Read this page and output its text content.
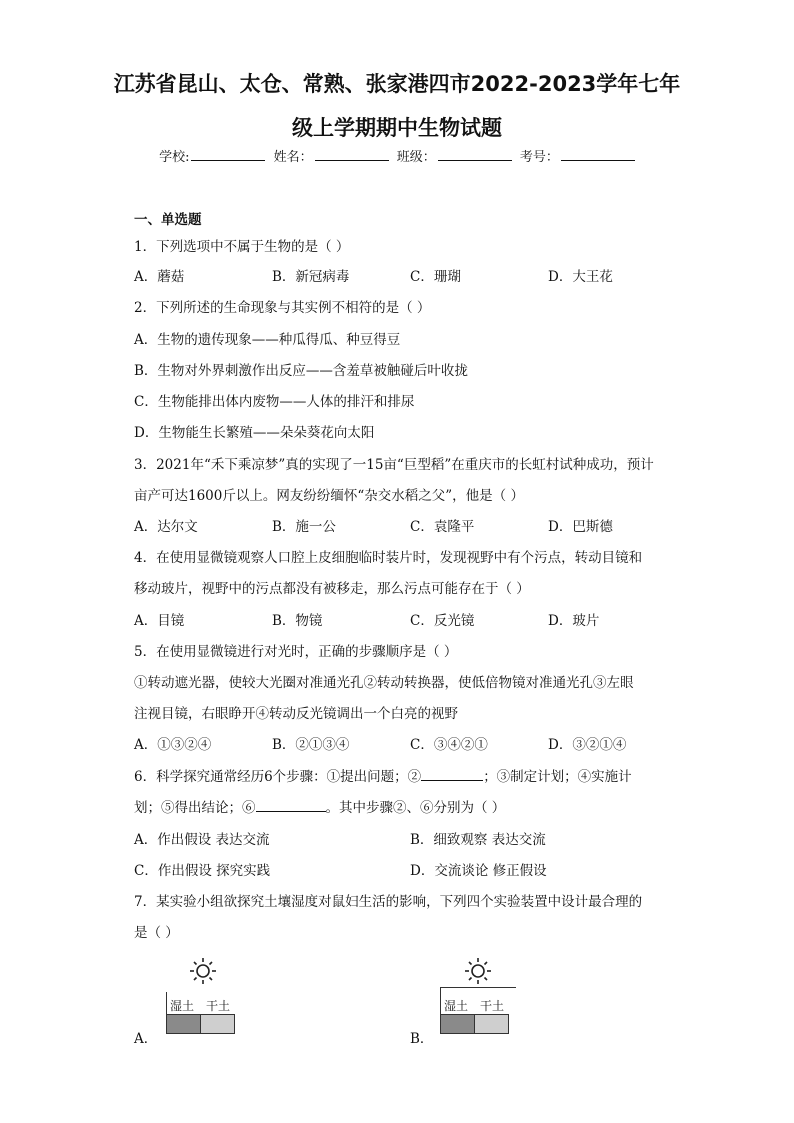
江苏省昆山、太仓、常熟、张家港四市2022-2023学年七年
级上学期期中生物试题
学校:	姓名：	班级：	考号：
一、单选题
1．下列选项中不属于生物的是（ ）
A．蘑菇	B．新冠病毒	C．珊瑚	D．大王花
2．下列所述的生命现象与其实例不相符的是（ ）
A．生物的遗传现象——种瓜得瓜、种豆得豆
B．生物对外界刺激作出反应——含羞草被触碰后叶收拢
C．生物能排出体内废物——人体的排汗和排尿
D．生物能生长繁殖——朵朵葵花向太阳
3．2021年“禾下乘凉梦”真的实现了一15亩“巨型稻”在重庆市的长虹村试种成功，预计
亩产可达1600斤以上。网友纷纷缅怀“杂交水稻之父”，他是（ ）
A．达尔文	B．施一公	C．袁隆平	D．巴斯德
4．在使用显微镜观察人口腔上皮细胞临时装片时，发现视野中有个污点，转动目镜和
移动玻片，视野中的污点都没有被移走，那么污点可能存在于（ ）
A．目镜	B．物镜	C．反光镜	D．玻片
5．在使用显微镜进行对光时，正确的步骤顺序是（ ）
①转动遮光器，使较大光圈对准通光孔②转动转换器，使低倍物镜对准通光孔③左眼
注视目镜，右眼睁开④转动反光镜调出一个白亮的视野
A．①③②④	B．②①③④	C．③④②①	D．③②①④
6．科学探究通常经历6个步骤：①提出问题；②	；③制定计划；④实施计
划；⑤得出结论；⑥	。其中步骤②、⑥分别为（ ）
A．作出假设 表达交流	B．细致观察 表达交流
C．作出假设 探究实践	D．交流谈论 修正假设
7．某实验小组欲探究土壤湿度对鼠妇生活的影响，下列四个实验装置中设计最合理的
是（ ）
A．
湿土 干土
B．
湿土 干土
